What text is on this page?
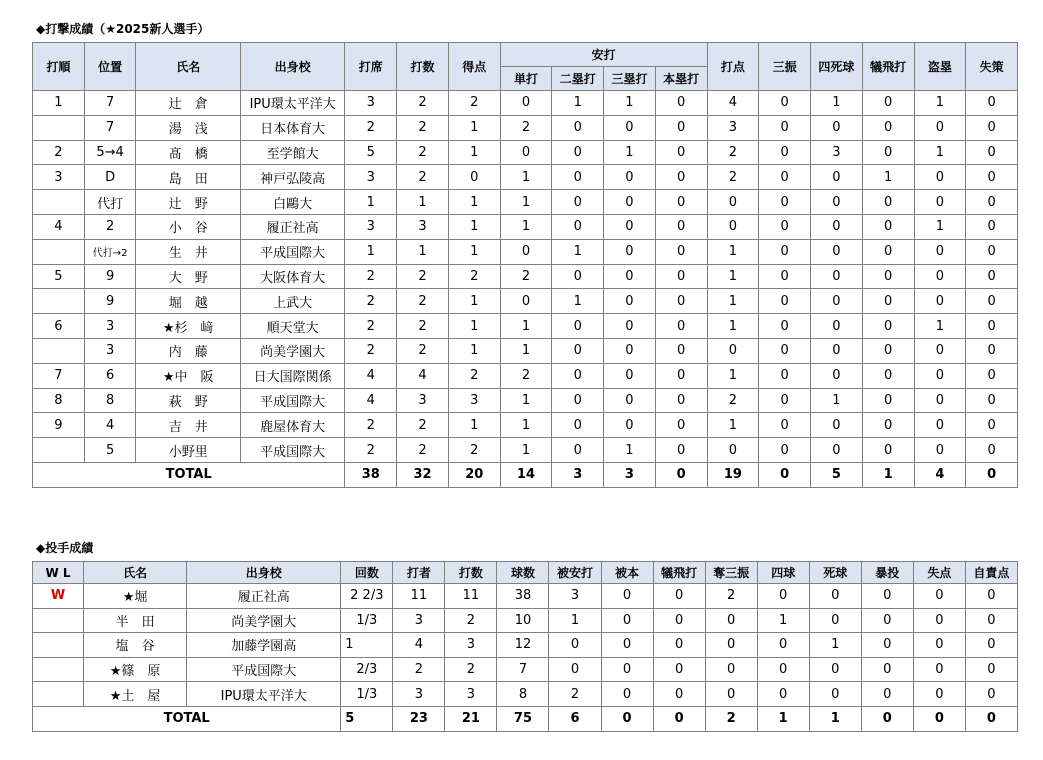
◆打撃成績（★2025新人選手）
打順	位置	氏名	出身校	打席	打数	得点	安打				打点	三振	四死球	犠飛打	盗塁	失策
							単打	二塁打	三塁打	本塁打						
1	7	辻　倉	IPU環太平洋大	3	2	2	0	1	1	0	4	0	1	0	1	0
	7	湯　浅	日本体育大	2	2	1	2	0	0	0	3	0	0	0	0	0
2	5→4	髙　橋	至学館大	5	2	1	0	0	1	0	2	0	3	0	1	0
3	D	島　田	神戸弘陵高	3	2	0	1	0	0	0	2	0	0	1	0	0
	代打	辻　野	白鷗大	1	1	1	1	0	0	0	0	0	0	0	0	0
4	2	小　谷	履正社高	3	3	1	1	0	0	0	0	0	0	0	1	0
	代打→2	生　井	平成国際大	1	1	1	0	1	0	0	1	0	0	0	0	0
5	9	大　野	大阪体育大	2	2	2	2	0	0	0	1	0	0	0	0	0
	9	堀　越	上武大	2	2	1	0	1	0	0	1	0	0	0	0	0
6	3	★杉　﨑	順天堂大	2	2	1	1	0	0	0	1	0	0	0	1	0
	3	内　藤	尚美学園大	2	2	1	1	0	0	0	0	0	0	0	0	0
7	6	★中　阪	日大国際関係	4	4	2	2	0	0	0	1	0	0	0	0	0
8	8	萩　野	平成国際大	4	3	3	1	0	0	0	2	0	1	0	0	0
9	4	吉　井	鹿屋体育大	2	2	1	1	0	0	0	1	0	0	0	0	0
	5	小野里	平成国際大	2	2	2	1	0	1	0	0	0	0	0	0	0
TOTAL				38	32	20	14	3	3	0	19	0	5	1	4	0
◆投手成績
W L	氏名	出身校	回数	打者	打数	球数	被安打	被本	犠飛打	奪三振	四球	死球	暴投	失点	自責点
W	★堀	履正社高	2 2/3	11	11	38	3	0	0	2	0	0	0	0	0
	半　田	尚美学園大	1/3	3	2	10	1	0	0	0	1	0	0	0	0
	塩　谷	加藤学園高	1	4	3	12	0	0	0	0	0	1	0	0	0
	★篠　原	平成国際大	2/3	2	2	7	0	0	0	0	0	0	0	0	0
	★土　屋	IPU環太平洋大	1/3	3	3	8	2	0	0	0	0	0	0	0	0
TOTAL			5	23	21	75	6	0	0	2	1	1	0	0	0
